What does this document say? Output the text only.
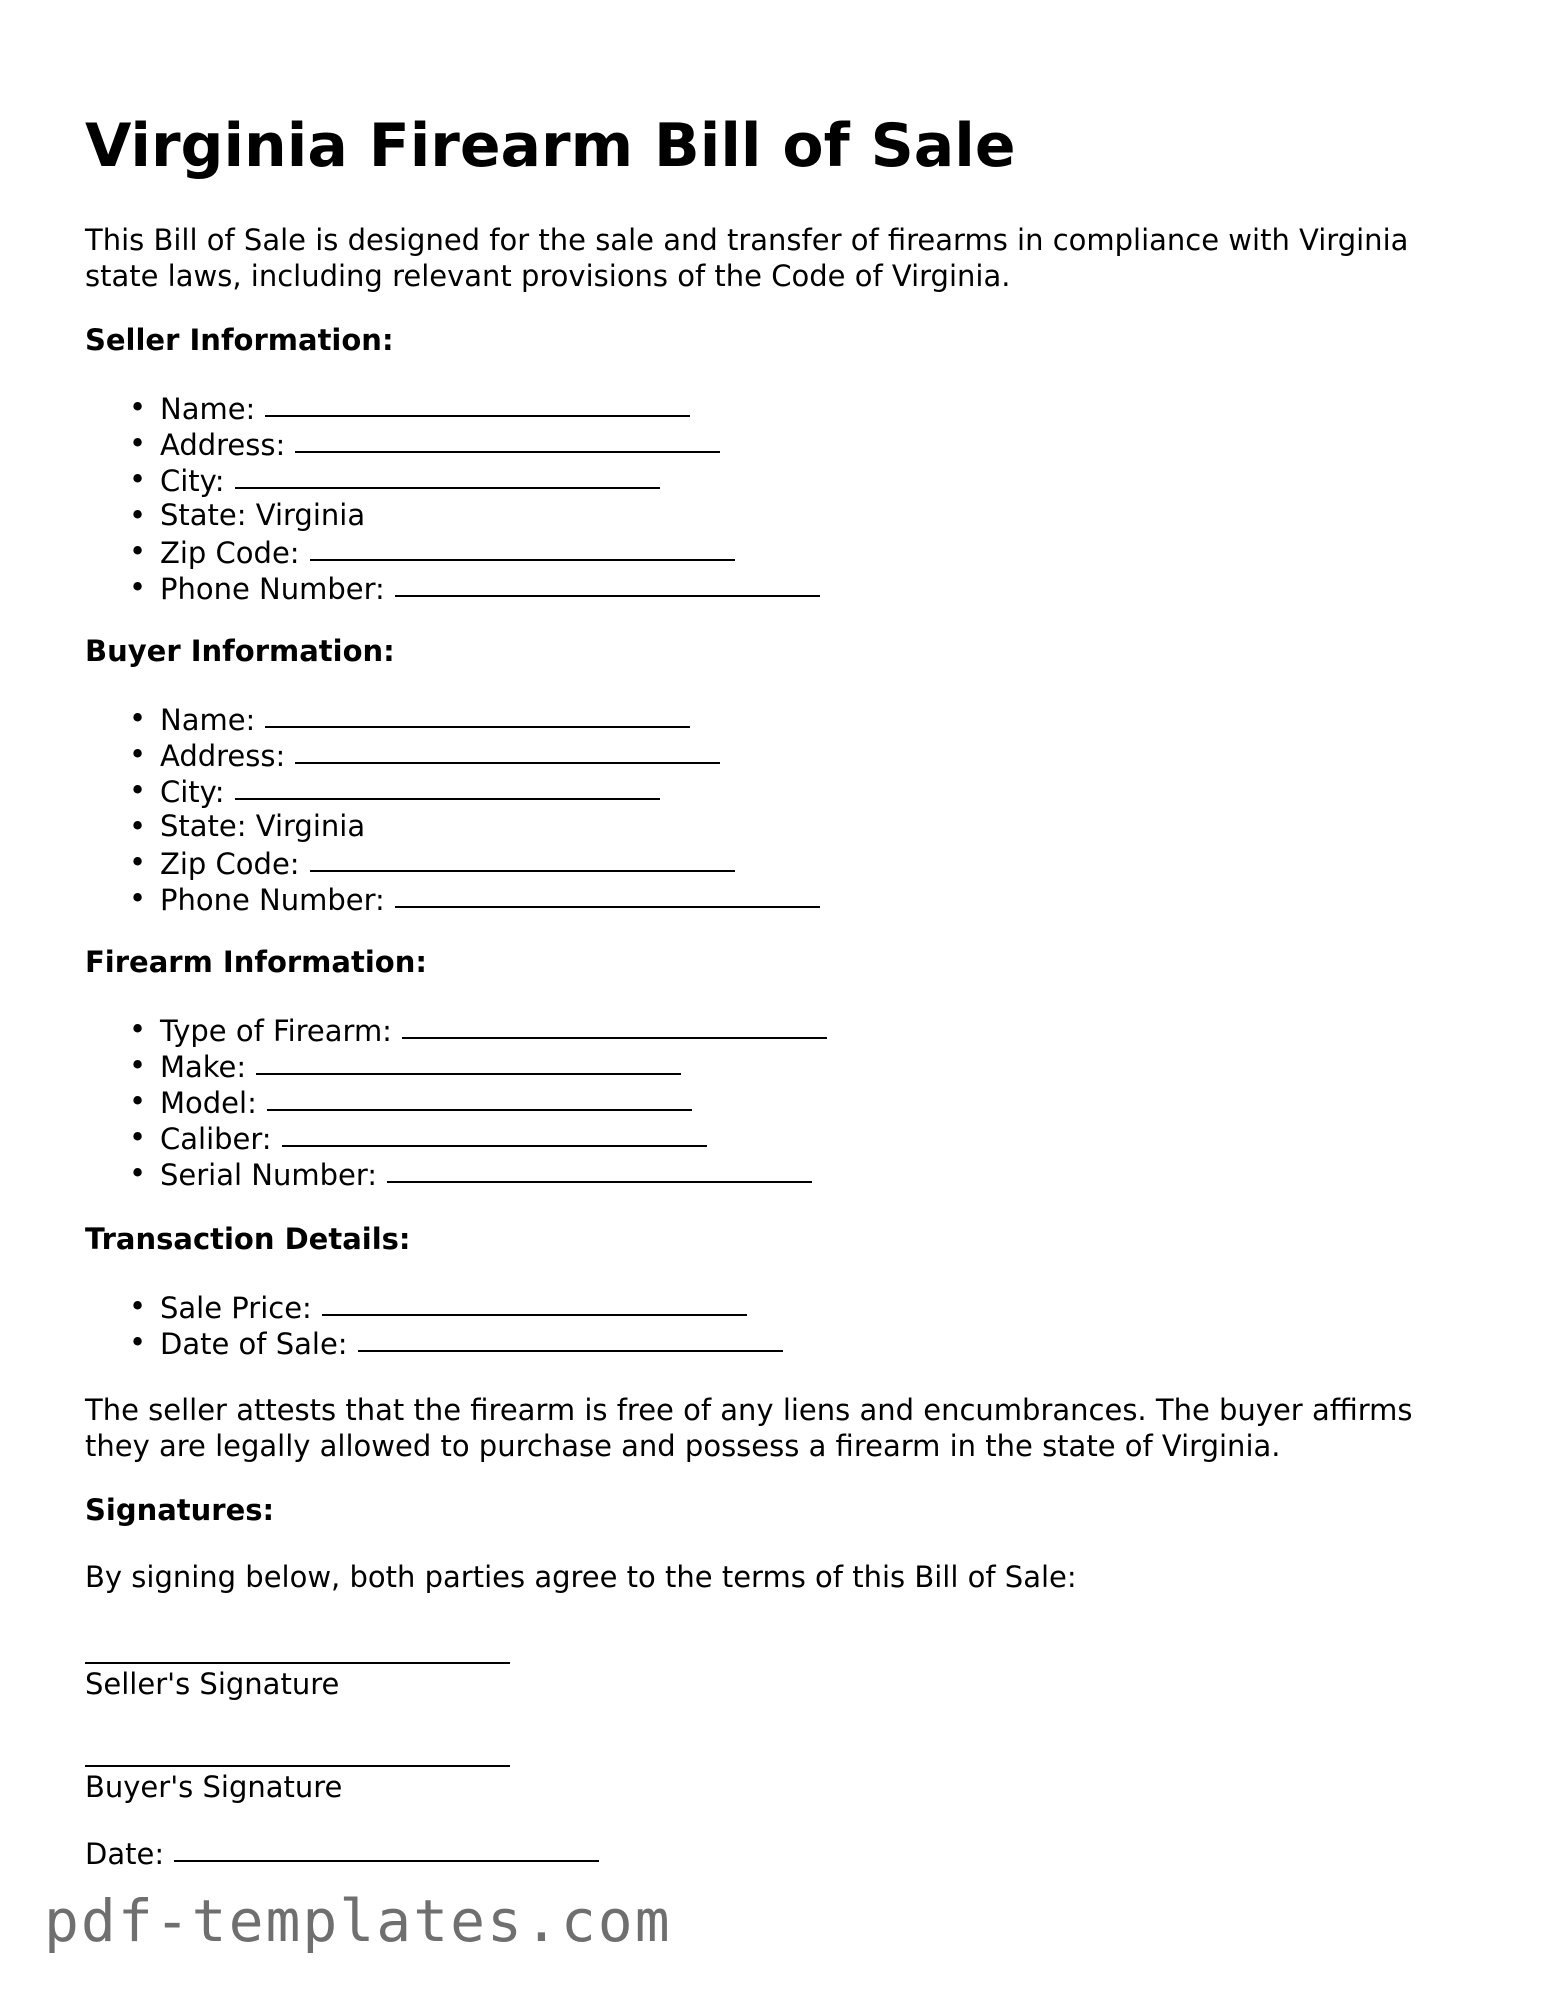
Virginia Firearm Bill of Sale

This Bill of Sale is designed for the sale and transfer of firearms in compliance with Virginia state laws, including relevant provisions of the Code of Virginia.

Seller Information:
• Name:
• Address:
• City:
• State: Virginia
• Zip Code:
• Phone Number:
Buyer Information:
• Name:
• Address:
• City:
• State: Virginia
• Zip Code:
• Phone Number:
Firearm Information:
• Type of Firearm:
• Make:
• Model:
• Caliber:
• Serial Number:
Transaction Details:
• Sale Price:
• Date of Sale:

The seller attests that the firearm is free of any liens and encumbrances. The buyer affirms they are legally allowed to purchase and possess a firearm in the state of Virginia.

Signatures:

By signing below, both parties agree to the terms of this Bill of Sale:

Seller's Signature
Buyer's Signature
Date:
pdf-templates.com
